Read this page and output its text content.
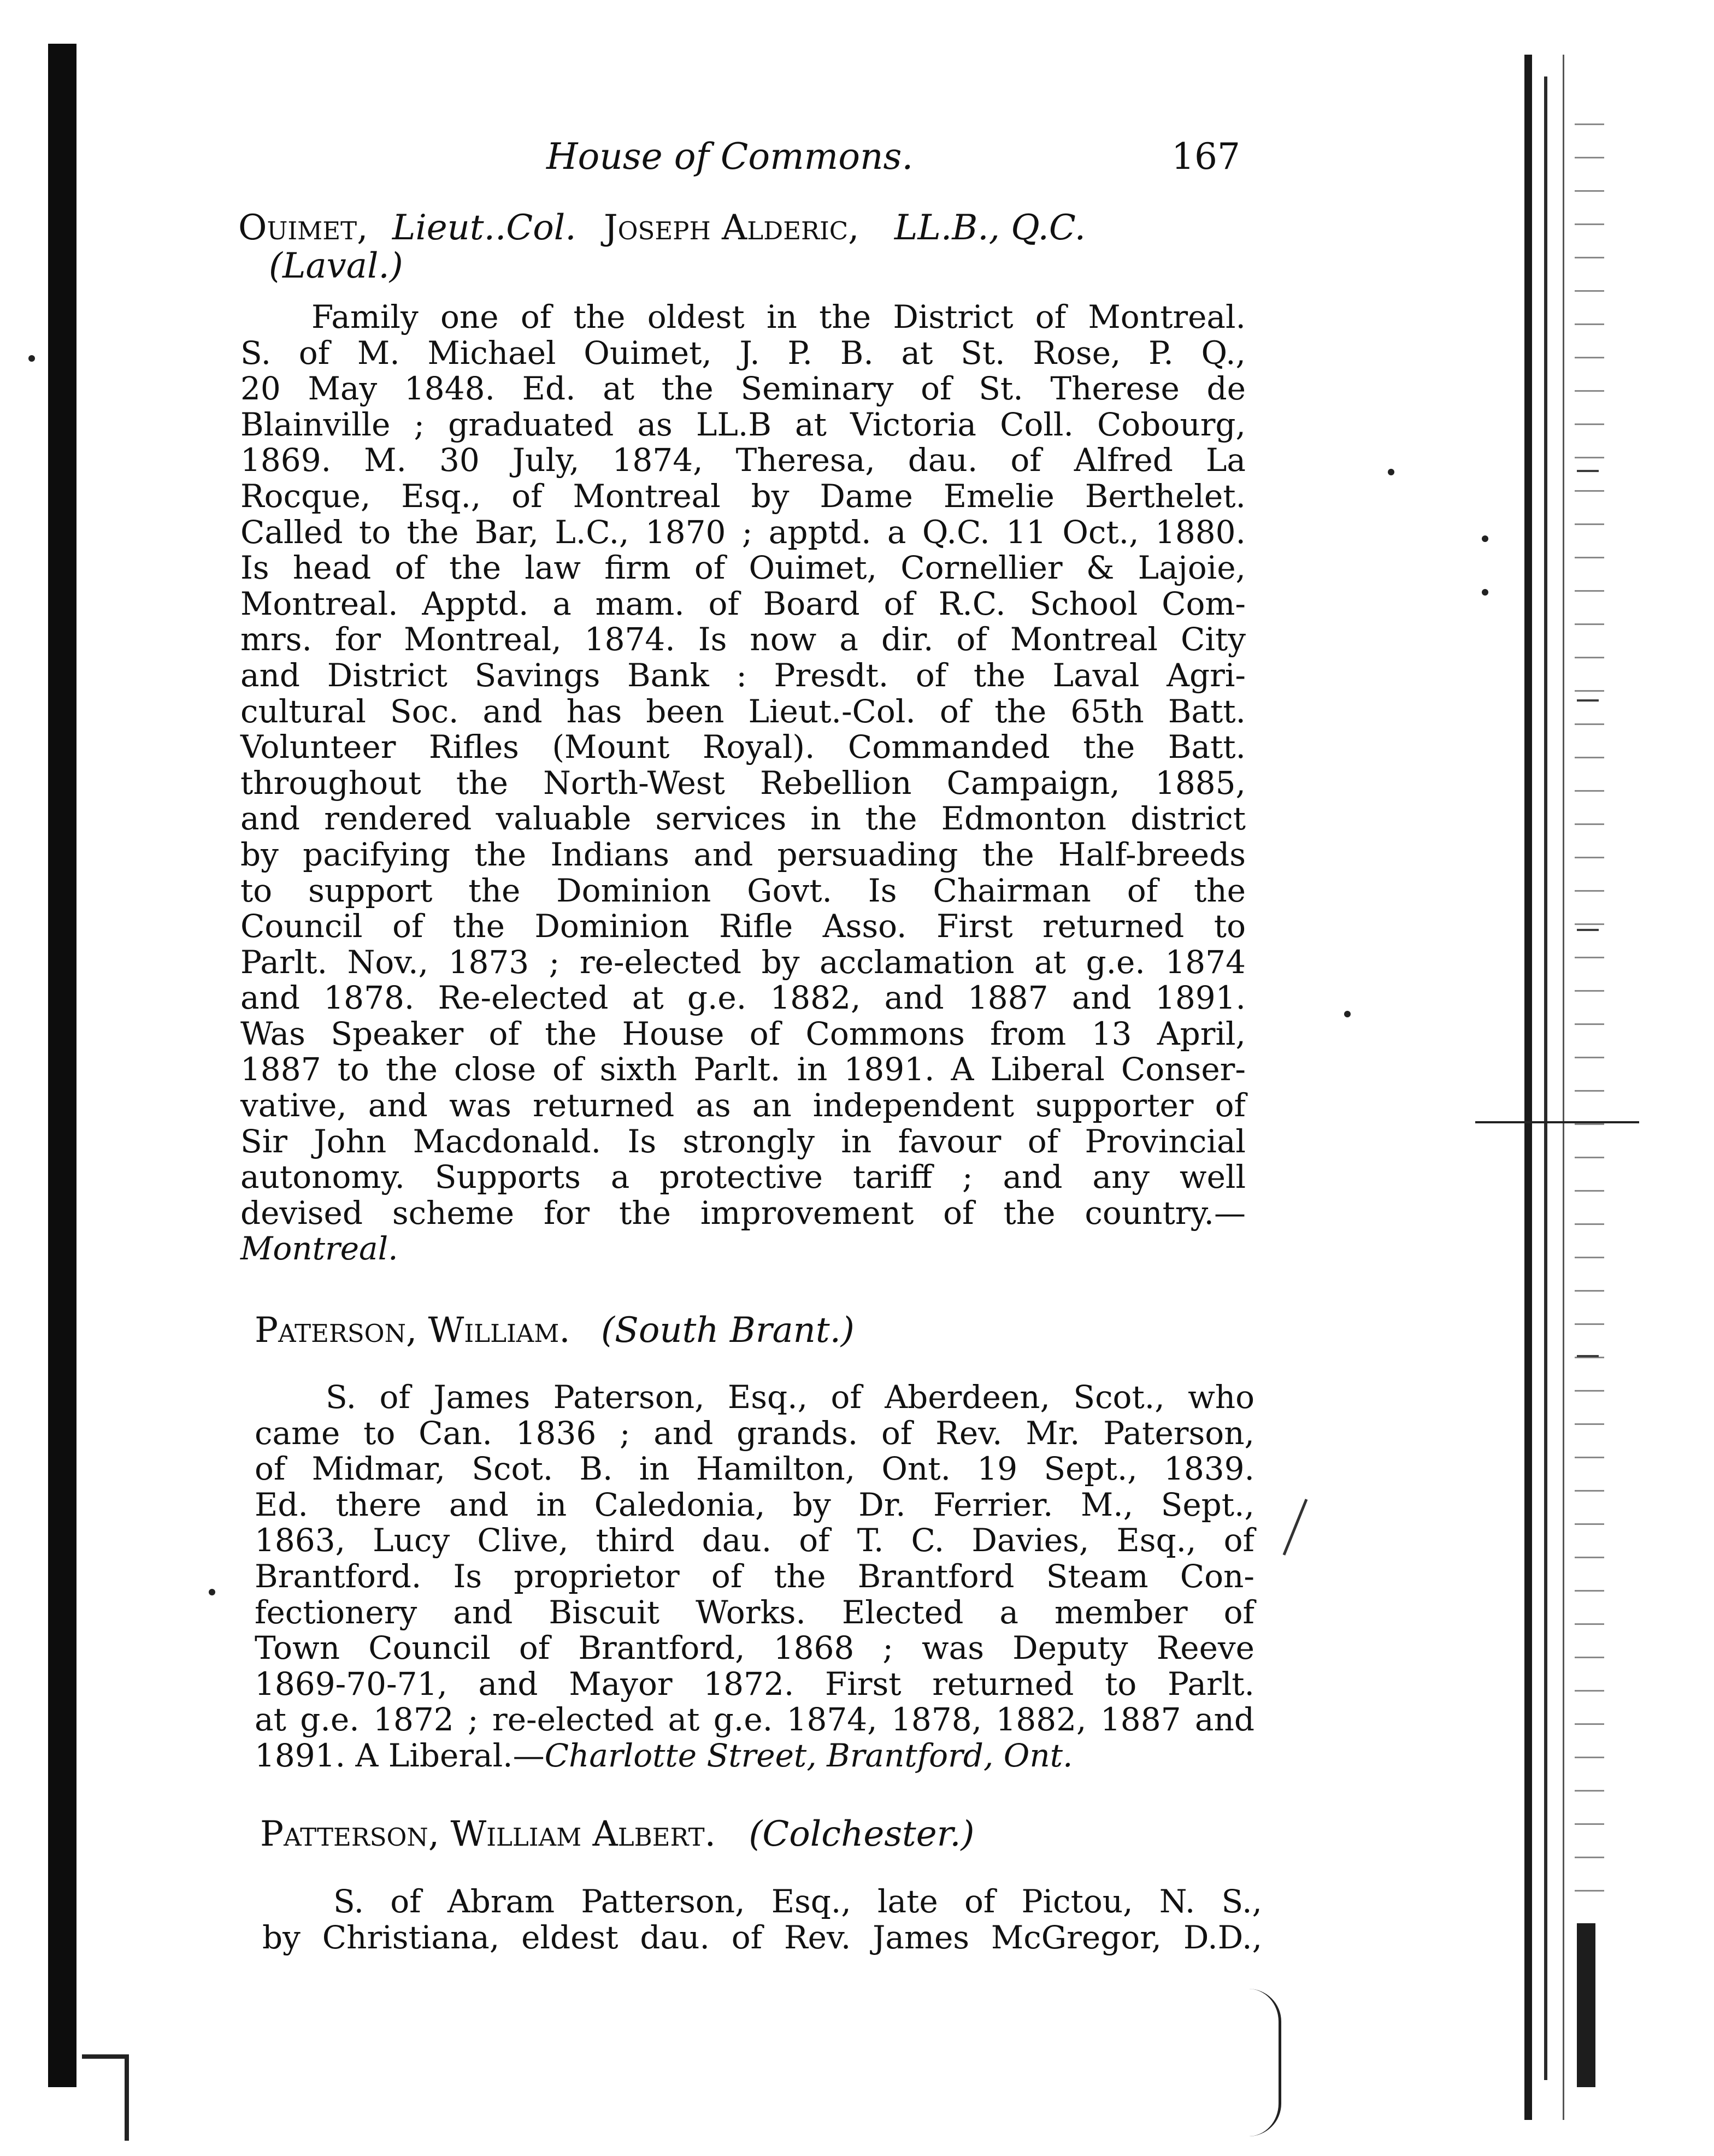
House of Commons.	167
Ouimet, Lieut..Col. Joseph Alderic, LL.B., Q.C.
(Laval.)
Family one of the oldest in the District of Montreal.
S. of M. Michael Ouimet, J. P. B. at St. Rose, P. Q.,
20 May 1848. Ed. at the Seminary of St. Therese de
Blainville ; graduated as LL.B at Victoria Coll. Cobourg,
1869. M. 30 July, 1874, Theresa, dau. of Alfred La
Rocque, Esq., of Montreal by Dame Emelie Berthelet.
Called to the Bar, L.C., 1870 ; apptd. a Q.C. 11 Oct., 1880.
Is head of the law firm of Ouimet, Cornellier & Lajoie,
Montreal. Apptd. a mam. of Board of R.C. School Com-
mrs. for Montreal, 1874. Is now a dir. of Montreal City
and District Savings Bank : Presdt. of the Laval Agri-
cultural Soc. and has been Lieut.-Col. of the 65th Batt.
Volunteer Rifles (Mount Royal). Commanded the Batt.
throughout the North-West Rebellion Campaign, 1885,
and rendered valuable services in the Edmonton district
by pacifying the Indians and persuading the Half-breeds
to support the Dominion Govt. Is Chairman of the
Council of the Dominion Rifle Asso. First returned to
Parlt. Nov., 1873 ; re-elected by acclamation at g.e. 1874
and 1878. Re-elected at g.e. 1882, and 1887 and 1891.
Was Speaker of the House of Commons from 13 April,
1887 to the close of sixth Parlt. in 1891. A Liberal Conser-
vative, and was returned as an independent supporter of
Sir John Macdonald. Is strongly in favour of Provincial
autonomy. Supports a protective tariff ; and any well
devised scheme for the improvement of the country.—
Montreal.
Paterson, William. (South Brant.)
S. of James Paterson, Esq., of Aberdeen, Scot., who
came to Can. 1836 ; and grands. of Rev. Mr. Paterson,
of Midmar, Scot. B. in Hamilton, Ont. 19 Sept., 1839.
Ed. there and in Caledonia, by Dr. Ferrier. M., Sept.,
1863, Lucy Clive, third dau. of T. C. Davies, Esq., of
Brantford. Is proprietor of the Brantford Steam Con-
fectionery and Biscuit Works. Elected a member of
Town Council of Brantford, 1868 ; was Deputy Reeve
1869-70-71, and Mayor 1872. First returned to Parlt.
at g.e. 1872 ; re-elected at g.e. 1874, 1878, 1882, 1887 and
1891. A Liberal.—Charlotte Street, Brantford, Ont.
Patterson, William Albert. (Colchester.)
S. of Abram Patterson, Esq., late of Pictou, N. S.,
by Christiana, eldest dau. of Rev. James McGregor, D.D.,
